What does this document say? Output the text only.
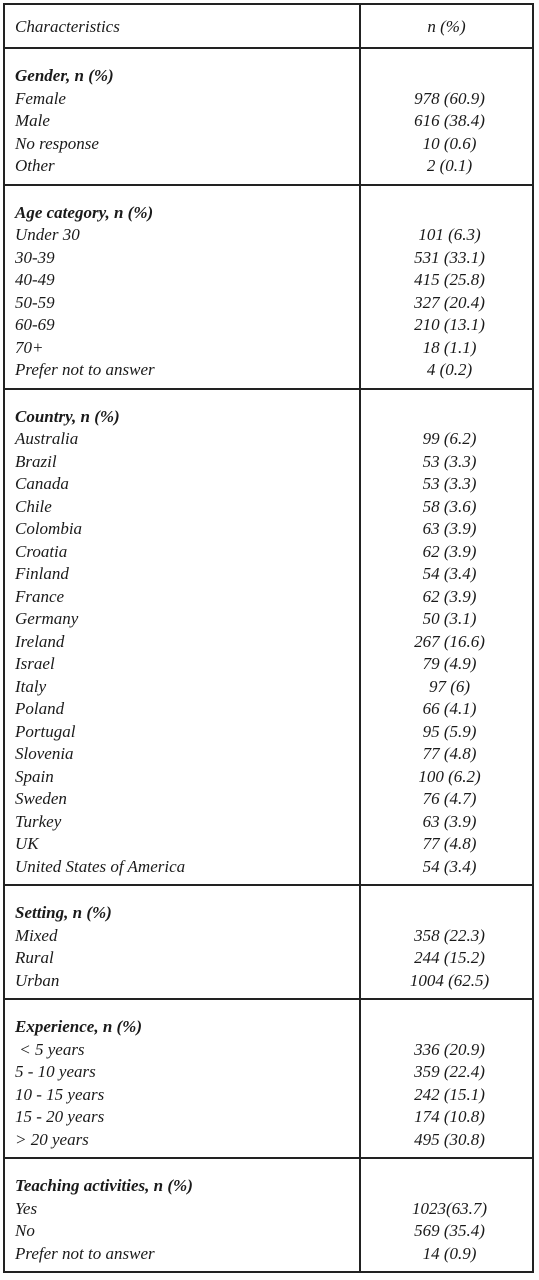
Characteristics	n (%)
Gender, n (%)
Female
Male
No response
Other
978 (60.9)
616 (38.4)
10 (0.6)
2 (0.1)
Age category, n (%)
Under 30
30-39
40-49
50-59
60-69
70+
Prefer not to answer
101 (6.3)
531 (33.1)
415 (25.8)
327 (20.4)
210 (13.1)
18 (1.1)
4 (0.2)
Country, n (%)
Australia
Brazil
Canada
Chile
Colombia
Croatia
Finland
France
Germany
Ireland
Israel
Italy
Poland
Portugal
Slovenia
Spain
Sweden
Turkey
UK
United States of America
99 (6.2)
53 (3.3)
53 (3.3)
58 (3.6)
63 (3.9)
62 (3.9)
54 (3.4)
62 (3.9)
50 (3.1)
267 (16.6)
79 (4.9)
97 (6)
66 (4.1)
95 (5.9)
77 (4.8)
100 (6.2)
76 (4.7)
63 (3.9)
77 (4.8)
54 (3.4)
Setting, n (%)
Mixed
Rural
Urban
358 (22.3)
244 (15.2)
1004 (62.5)
Experience, n (%)
< 5 years
5 - 10 years
10 - 15 years
15 - 20 years
> 20 years
336 (20.9)
359 (22.4)
242 (15.1)
174 (10.8)
495 (30.8)
Teaching activities, n (%)
Yes
No
Prefer not to answer
1023(63.7)
569 (35.4)
14 (0.9)
